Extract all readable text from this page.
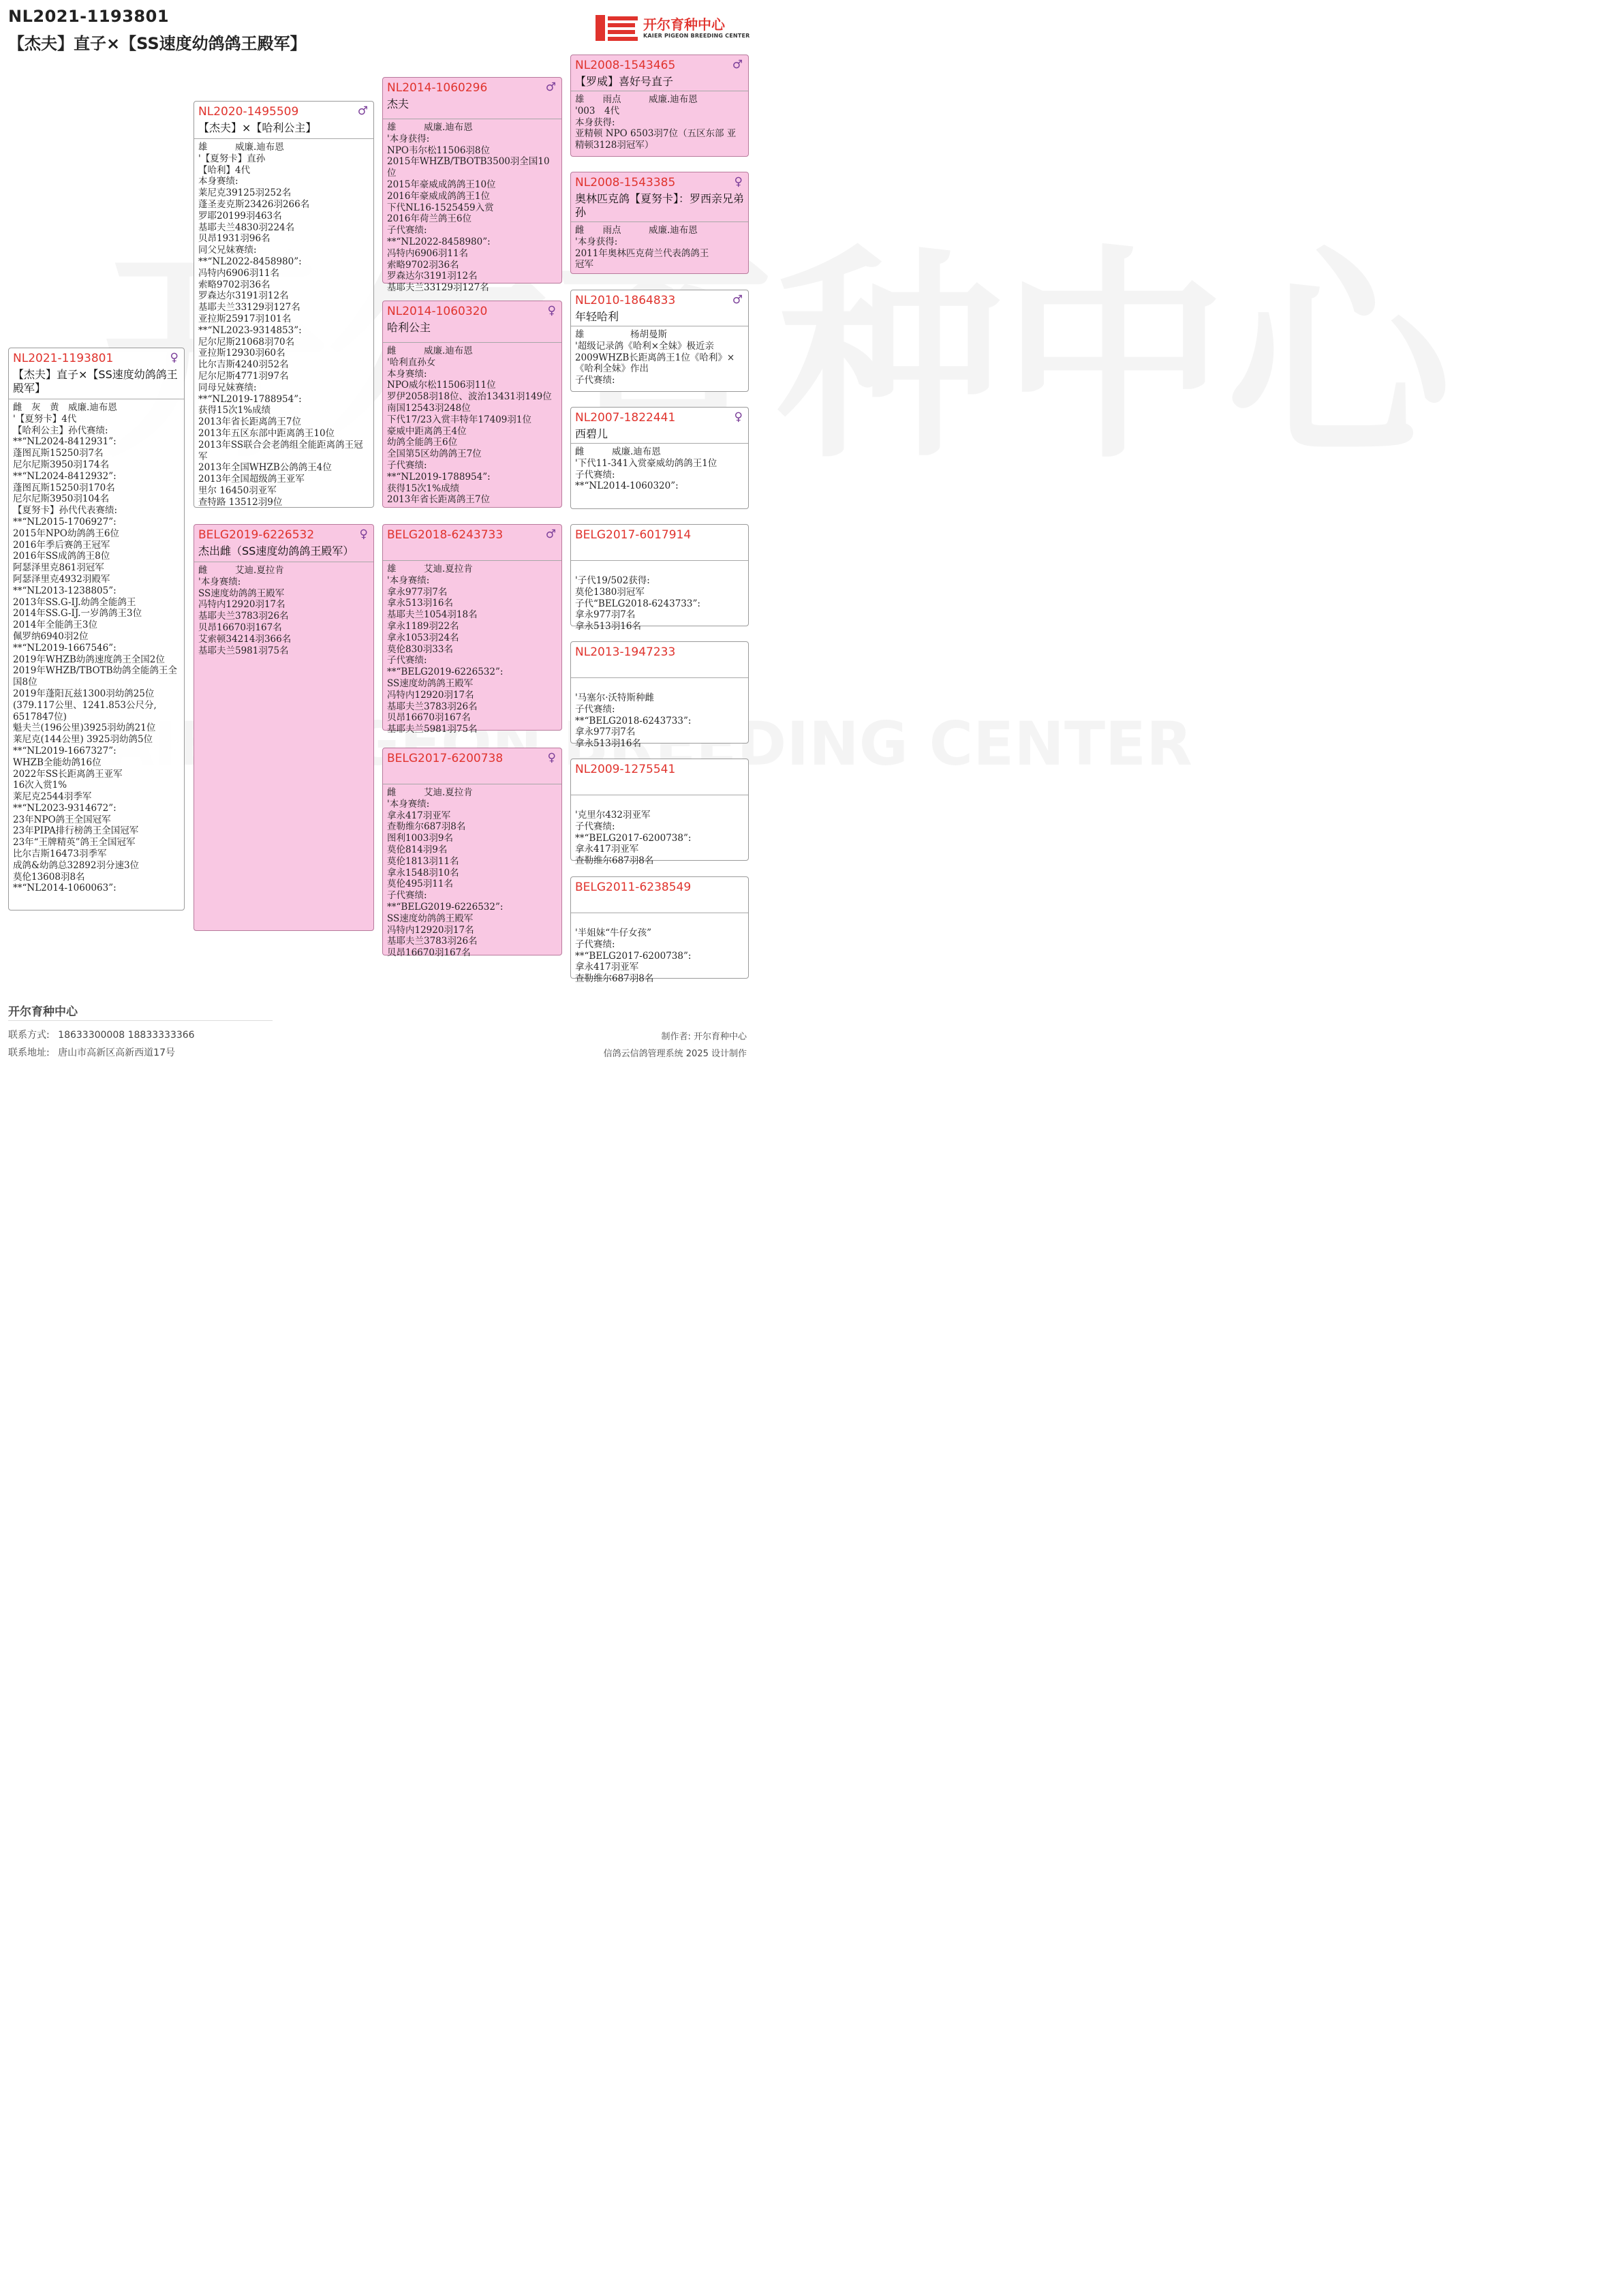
NL2021-1193801
【杰夫】直子×【SS速度幼鸽鸽王殿军】
开尔育种中心
KAIER PIGEON BREEDING CENTER
NL2008-1543465	♂
【罗威】喜好号直子
雄　　雨点　　　威廉.迪布恩
'003　4代
本身获得:
亚精顿 NPO 6503羽7位（五区东部 亚精顿3128羽冠军）
NL2008-1543385	♀
奥林匹克鸽【夏努卡】：罗西亲兄弟孙
雌　　雨点　　　威廉.迪布恩
'本身获得:
2011年奥林匹克荷兰代表鸽鸽王
冠军
NL2010-1864833	♂
年轻哈利
雄　　　　　杨胡曼斯
'超级记录鸽《哈利×全妹》极近亲2009WHZB长距离鸽王1位《哈利》×《哈利全妹》作出
子代赛绩:
NL2007-1822441	♀
西碧儿
雌　　　威廉.迪布恩
'下代11-341入赏豪威幼鸽鸽王1位
子代赛绩:
**“NL2014-1060320”:
BELG2017-6017914
'子代19/502获得:
莫伦1380羽冠军
子代“BELG2018-6243733”:
拿永977羽7名
拿永513羽16名
NL2013-1947233
'马塞尔·沃特斯种雌
子代赛绩:
**“BELG2018-6243733”:
拿永977羽7名
拿永513羽16名
NL2009-1275541
'克里尔432羽亚军
子代赛绩:
**“BELG2017-6200738”:
拿永417羽亚军
查勒维尔687羽8名
BELG2011-6238549
'半姐妹“牛仔女孩”
子代赛绩:
**“BELG2017-6200738”:
拿永417羽亚军
查勒维尔687羽8名
NL2014-1060296	♂
杰夫
雄　　　威廉.迪布恩
'本身获得:
NPO韦尔松11506羽8位
2015年WHZB/TBOTB3500羽全国10位
2015年豪威成鸽鸽王10位
2016年豪威成鸽鸽王1位
下代NL16-1525459入赏
2016年荷兰鸽王6位
子代赛绩:
**“NL2022-8458980”:
冯特内6906羽11名
索略9702羽36名
罗森达尔3191羽12名
基耶夫兰33129羽127名
NL2014-1060320	♀
哈利公主
雌　　　威廉.迪布恩
'哈利直孙女
本身赛绩:
NPO威尔松11506羽11位
罗伊2058羽18位、波治13431羽149位
南国12543羽248位
下代17/23入赏丰特年17409羽1位
豪威中距离鸽王4位
幼鸽全能鸽王6位
全国第5区幼鸽鸽王7位
子代赛绩:
**“NL2019-1788954”:
获得15次1%成绩
2013年省长距离鸽王7位
BELG2018-6243733	♂
雄　　　艾迪.夏拉肯
'本身赛绩:
拿永977羽7名
拿永513羽16名
基耶夫兰1054羽18名
拿永1189羽22名
拿永1053羽24名
莫伦830羽33名
子代赛绩:
**“BELG2019-6226532”:
SS速度幼鸽鸽王殿军
冯特内12920羽17名
基耶夫兰3783羽26名
贝昂16670羽167名
基耶夫兰5981羽75名
BELG2017-6200738	♀
雌　　　艾迪.夏拉肯
'本身赛绩:
拿永417羽亚军
查勒维尔687羽8名
图利1003羽9名
莫伦814羽9名
莫伦1813羽11名
拿永1548羽10名
莫伦495羽11名
子代赛绩:
**“BELG2019-6226532”:
SS速度幼鸽鸽王殿军
冯特内12920羽17名
基耶夫兰3783羽26名
贝昂16670羽167名
NL2020-1495509	♂
【杰夫】×【哈利公主】
雄　　　威廉.迪布恩
'【夏努卡】直孙
【哈利】4代
本身赛绩:
莱尼克39125羽252名
蓬圣麦克斯23426羽266名
罗耶20199羽463名
基耶夫兰4830羽224名
贝昂1931羽96名
同父兄妹赛绩:
**“NL2022-8458980”:
冯特内6906羽11名
索略9702羽36名
罗森达尔3191羽12名
基耶夫兰33129羽127名
亚拉斯25917羽101名
**“NL2023-9314853”:
尼尔尼斯21068羽70名
亚拉斯12930羽60名
比尔吉斯4240羽52名
尼尔尼斯4771羽97名
同母兄妹赛绩:
**“NL2019-1788954”:
获得15次1%成绩
2013年省长距离鸽王7位
2013年五区东部中距离鸽王10位
2013年SS联合会老鸽组全能距离鸽王冠军
2013年全国WHZB公鸽鸽王4位
2013年全国超级鸽王亚军
里尔 16450羽亚军
查特路 13512羽9位
BELG2019-6226532	♀
杰出雌（SS速度幼鸽鸽王殿军）
雌　　　艾迪.夏拉肯
'本身赛绩:
SS速度幼鸽鸽王殿军
冯特内12920羽17名
基耶夫兰3783羽26名
贝昂16670羽167名
艾索顿34214羽366名
基耶夫兰5981羽75名
NL2021-1193801	♀
【杰夫】直子×【SS速度幼鸽鸽王殿军】
雌　灰　黄　威廉.迪布恩
'【夏努卡】4代
【哈利公主】孙代赛绩:
**“NL2024-8412931”:
蓬图瓦斯15250羽7名
尼尔尼斯3950羽174名
**“NL2024-8412932”:
蓬图瓦斯15250羽170名
尼尔尼斯3950羽104名
【夏努卡】孙代代表赛绩:
**“NL2015-1706927”:
2015年NPO幼鸽鸽王6位
2016年季后赛鸽王冠军
2016年SS成鸽鸽王8位
阿瑟泽里克861羽冠军
阿瑟泽里克4932羽殿军
**“NL2013-1238805”:
2013年SS.G-IJ.幼鸽全能鸽王
2014年SS.G-IJ.一岁鸽鸽王3位
2014年全能鸽王3位
佩罗纳6940羽2位
**“NL2019-1667546”:
2019年WHZB幼鸽速度鸽王全国2位
2019年WHZB/TBOTB幼鸽全能鸽王全国8位
2019年蓬阳瓦兹1300羽幼鸽25位(379.117公里、1241.853公尺分, 6517847位)
魁夫兰(196公里)3925羽幼鸽21位
莱尼克(144公里) 3925羽幼鸽5位
**“NL2019-1667327”:
WHZB全能幼鸽16位
2022年SS长距离鸽王亚军
16次入赏1%
莱尼克2544羽季军
**“NL2023-9314672”:
23年NPO鸽王全国冠军
23年PIPA排行榜鸽王全国冠军
23年“王牌精英”鸽王全国冠军
比尔吉斯16473羽季军
成鸽&幼鸽总32892羽分速3位
莫伦13608羽8名
**“NL2014-1060063”:
开尔育种中心
联系方式: 18633300008 18833333366
联系地址: 唐山市高新区高新西道17号
制作者: 开尔育种中心
信鸽云信鸽管理系统 2025 设计制作
